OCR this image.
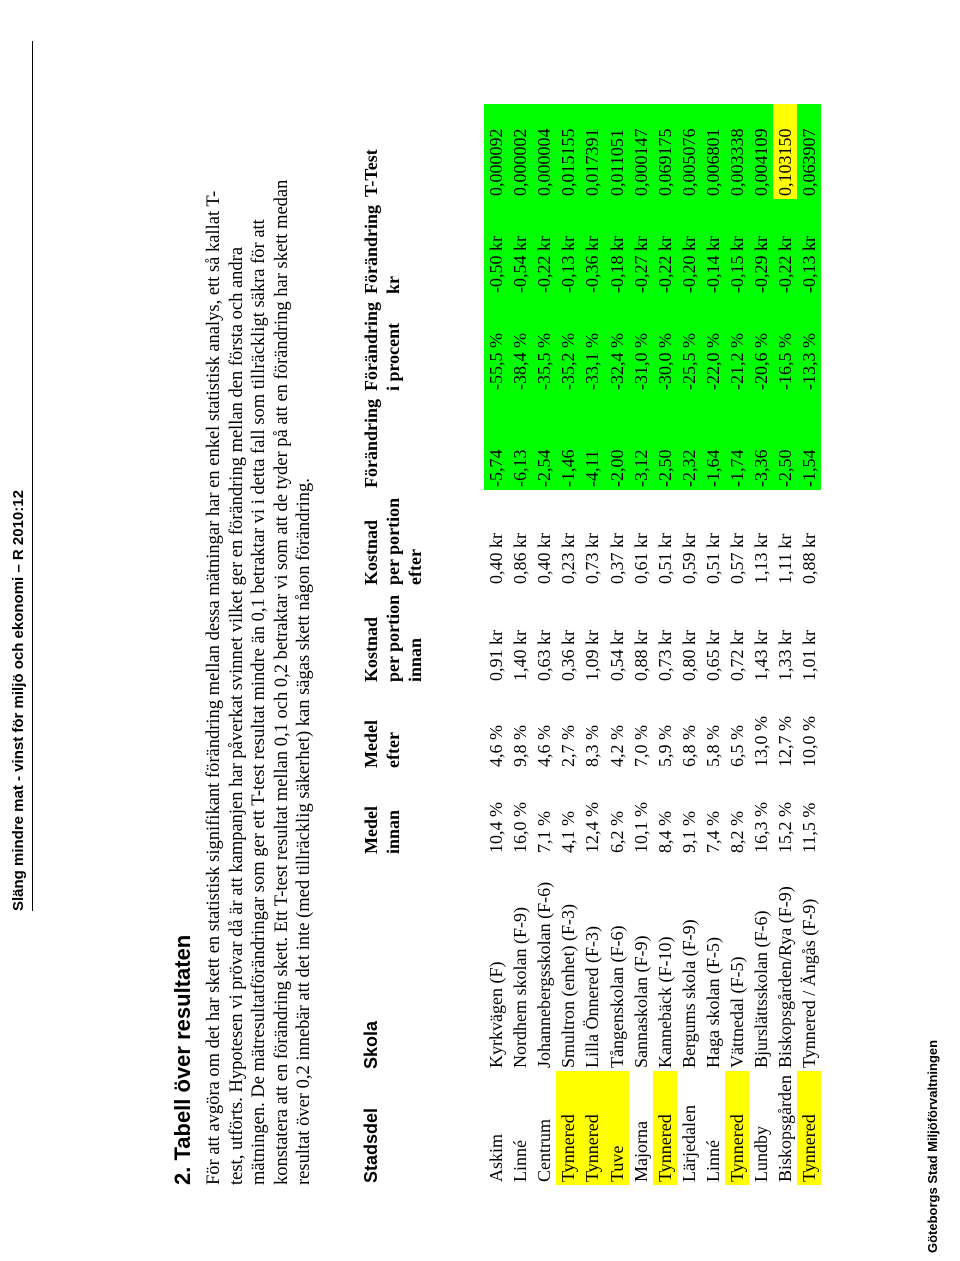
Släng mindre mat - vinst för miljö och ekonomi – R 2010:12
2. Tabell över resultaten För att avgöra om det har skett en statistisk signifikant förändring mellan dessa mätningar har en enkel statistisk analys, ett så kallat T- test, utförts. Hypotesen vi prövar då är att kampanjen har påverkat svinnet vilket ger en förändring mellan den första och andra mätningen. De mätresultatförändringar som ger ett T-test resultat mindre än 0,1 betraktar vi i detta fall som tillräckligt säkra för att konstatera att en förändring skett. Ett T-test resultat mellan 0,1 och 0,2 betraktar vi som att de tyder på att en förändring har skett medan resultat över 0,2 innebär att det inte (med tillräcklig säkerhet) kan sägas skett någon förändring.	Stadsdel	Skola	Medel innan	Medel efter	Kostnad per portion innan	Kostnad per portion efter	Förändring	Förändring i procent	Förändring kr	T-Test
Askim	Kyrkvägen (F)	10,4 %	4,6 %	0,91 kr	0,40 kr	-5,74	-55,5 %	-0,50 kr	0,000092
Linné	Nordhem skolan (F-9)	16,0 %	9,8 %	1,40 kr	0,86 kr	-6,13	-38,4 %	-0,54 kr	0,000002
Centrum	Johannebergsskolan (F-6)	7,1 %	4,6 %	0,63 kr	0,40 kr	-2,54	-35,5 %	-0,22 kr	0,000004
Tynnered	Smultron (enhet) (F-3)	4,1 %	2,7 %	0,36 kr	0,23 kr	-1,46	-35,2 %	-0,13 kr	0,015155
Tynnered	Lilla Önnered (F-3)	12,4 %	8,3 %	1,09 kr	0,73 kr	-4,11	-33,1 %	-0,36 kr	0,017391
Tuve	Tångenskolan (F-6)	6,2 %	4,2 %	0,54 kr	0,37 kr	-2,00	-32,4 %	-0,18 kr	0,011051
Majorna	Sannaskolan (F-9)	10,1 %	7,0 %	0,88 kr	0,61 kr	-3,12	-31,0 %	-0,27 kr	0,000147
Tynnered	Kannebäck (F-10)	8,4 %	5,9 %	0,73 kr	0,51 kr	-2,50	-30,0 %	-0,22 kr	0,069175
Lärjedalen	Bergums skola (F-9)	9,1 %	6,8 %	0,80 kr	0,59 kr	-2,32	-25,5 %	-0,20 kr	0,005076
Linné	Haga skolan (F-5)	7,4 %	5,8 %	0,65 kr	0,51 kr	-1,64	-22,0 %	-0,14 kr	0,006801
Tynnered	Vättnedal (F-5)	8,2 %	6,5 %	0,72 kr	0,57 kr	-1,74	-21,2 %	-0,15 kr	0,003338
Lundby	Bjurslättsskolan (F-6)	16,3 %	13,0 %	1,43 kr	1,13 kr	-3,36	-20,6 %	-0,29 kr	0,004109
Biskopsgården	Biskopsgården/Rya (F-9)	15,2 %	12,7 %	1,33 kr	1,11 kr	-2,50	-16,5 %	-0,22 kr	0,103150
Tynnered	Tynnered / Ängås (F-9)	11,5 %	10,0 %	1,01 kr	0,88 kr	-1,54	-13,3 %	-0,13 kr	0,063907
Göteborgs Stad Miljöförvaltningen
